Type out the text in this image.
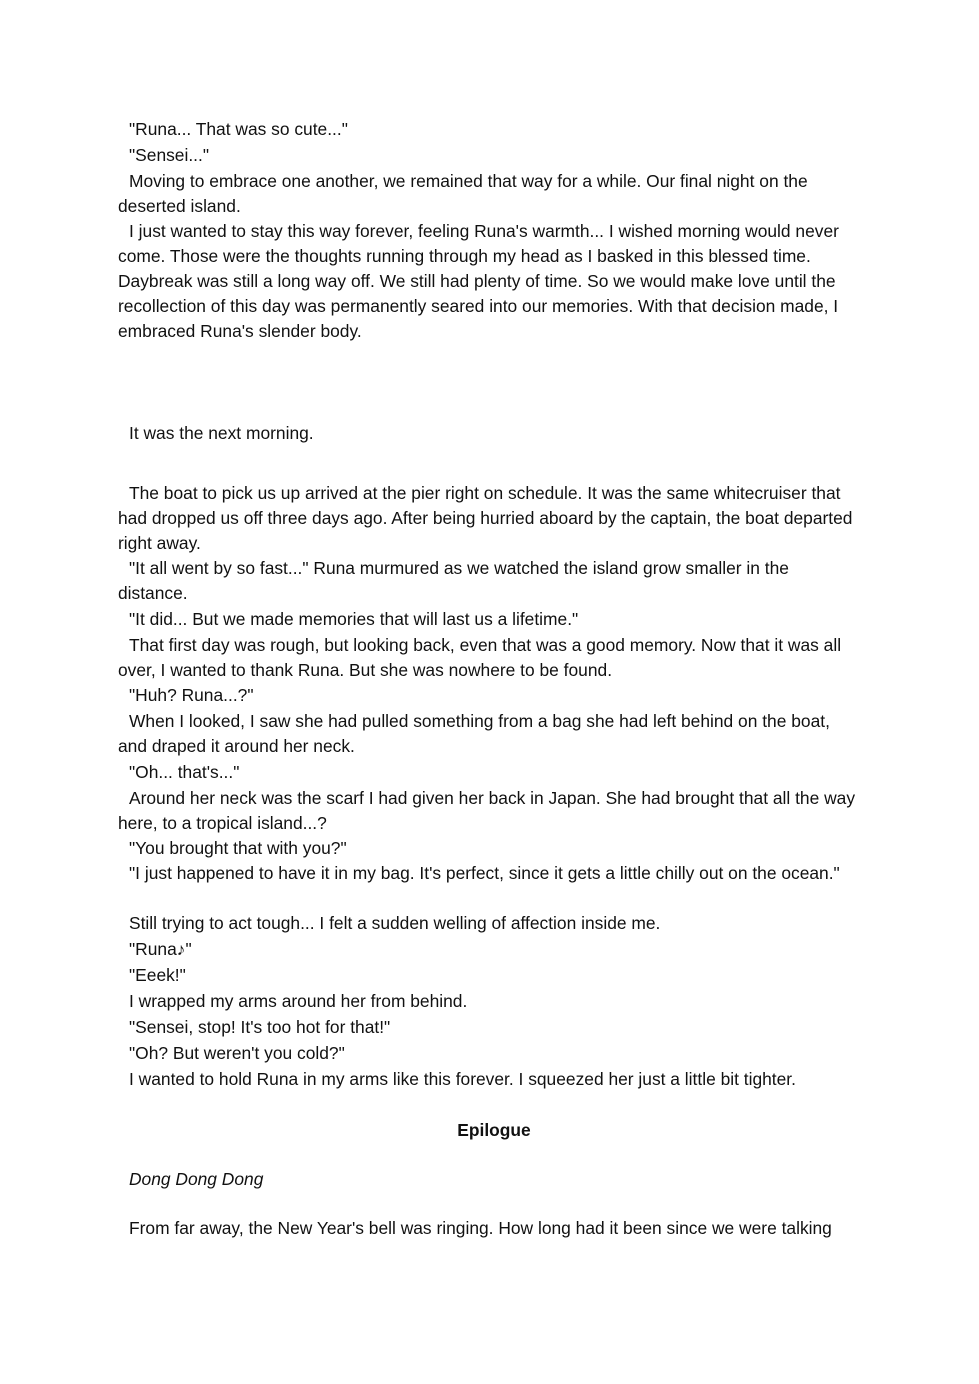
"Runa... That was so cute..."

"Sensei..."

Moving to embrace one another, we remained that way for a while. Our final night on the deserted island.

I just wanted to stay this way forever, feeling Runa's warmth... I wished morning would never come. Those were the thoughts running through my head as I basked in this blessed time. Daybreak was still a long way off. We still had plenty of time. So we would make love until the recollection of this day was permanently seared into our memories. With that decision made, I embraced Runa's slender body.

It was the next morning.

The boat to pick us up arrived at the pier right on schedule. It was the same whitecruiser that had dropped us off three days ago. After being hurried aboard by the captain, the boat departed right away.

"It all went by so fast..." Runa murmured as we watched the island grow smaller in the distance.

"It did... But we made memories that will last us a lifetime."

That first day was rough, but looking back, even that was a good memory. Now that it was all over, I wanted to thank Runa. But she was nowhere to be found.

"Huh? Runa...?"

When I looked, I saw she had pulled something from a bag she had left behind on the boat, and draped it around her neck.

"Oh... that's..."

Around her neck was the scarf I had given her back in Japan. She had brought that all the way here, to a tropical island...?

"You brought that with you?"

"I just happened to have it in my bag. It's perfect, since it gets a little chilly out on the ocean."

Still trying to act tough... I felt a sudden welling of affection inside me.

"Runa♪"

"Eeek!"

I wrapped my arms around her from behind.

"Sensei, stop! It's too hot for that!"

"Oh? But weren't you cold?"

I wanted to hold Runa in my arms like this forever. I squeezed her just a little bit tighter.

Epilogue

Dong Dong Dong

From far away, the New Year's bell was ringing. How long had it been since we were talking
